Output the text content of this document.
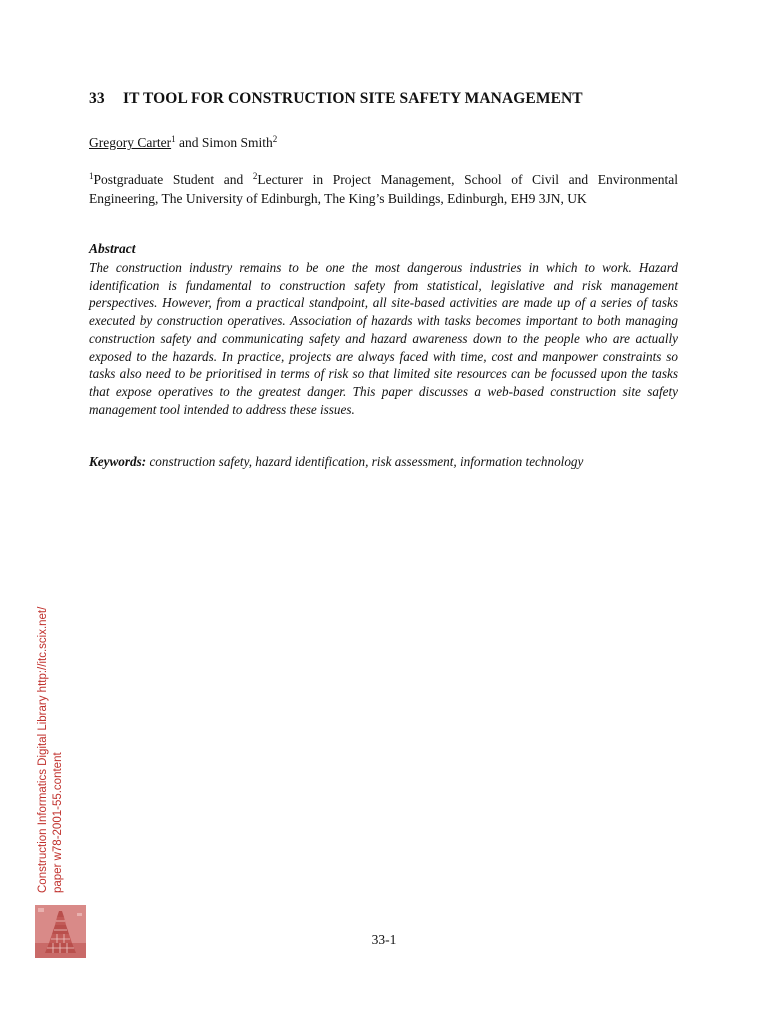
33 IT TOOL FOR CONSTRUCTION SITE SAFETY MANAGEMENT
Gregory Carter$^1$ and Simon Smith$^2$
$^1$Postgraduate Student and $^2$Lecturer in Project Management, School of Civil and Environmental Engineering, The University of Edinburgh, The King’s Buildings, Edinburgh, EH9 3JN, UK
Abstract
The construction industry remains to be one the most dangerous industries in which to work. Hazard identification is fundamental to construction safety from statistical, legislative and risk management perspectives. However, from a practical standpoint, all site-based activities are made up of a series of tasks executed by construction operatives. Association of hazards with tasks becomes important to both managing construction safety and communicating safety and hazard awareness down to the people who are actually exposed to the hazards. In practice, projects are always faced with time, cost and manpower constraints so tasks also need to be prioritised in terms of risk so that limited site resources can be focussed upon the tasks that expose operatives to the greatest danger. This paper discusses a web-based construction site safety management tool intended to address these issues.
Keywords: construction safety, hazard identification, risk assessment, information technology
Construction Informatics Digital Library http://itc.scix.net/ paper w78-2001-55.content
33-1
